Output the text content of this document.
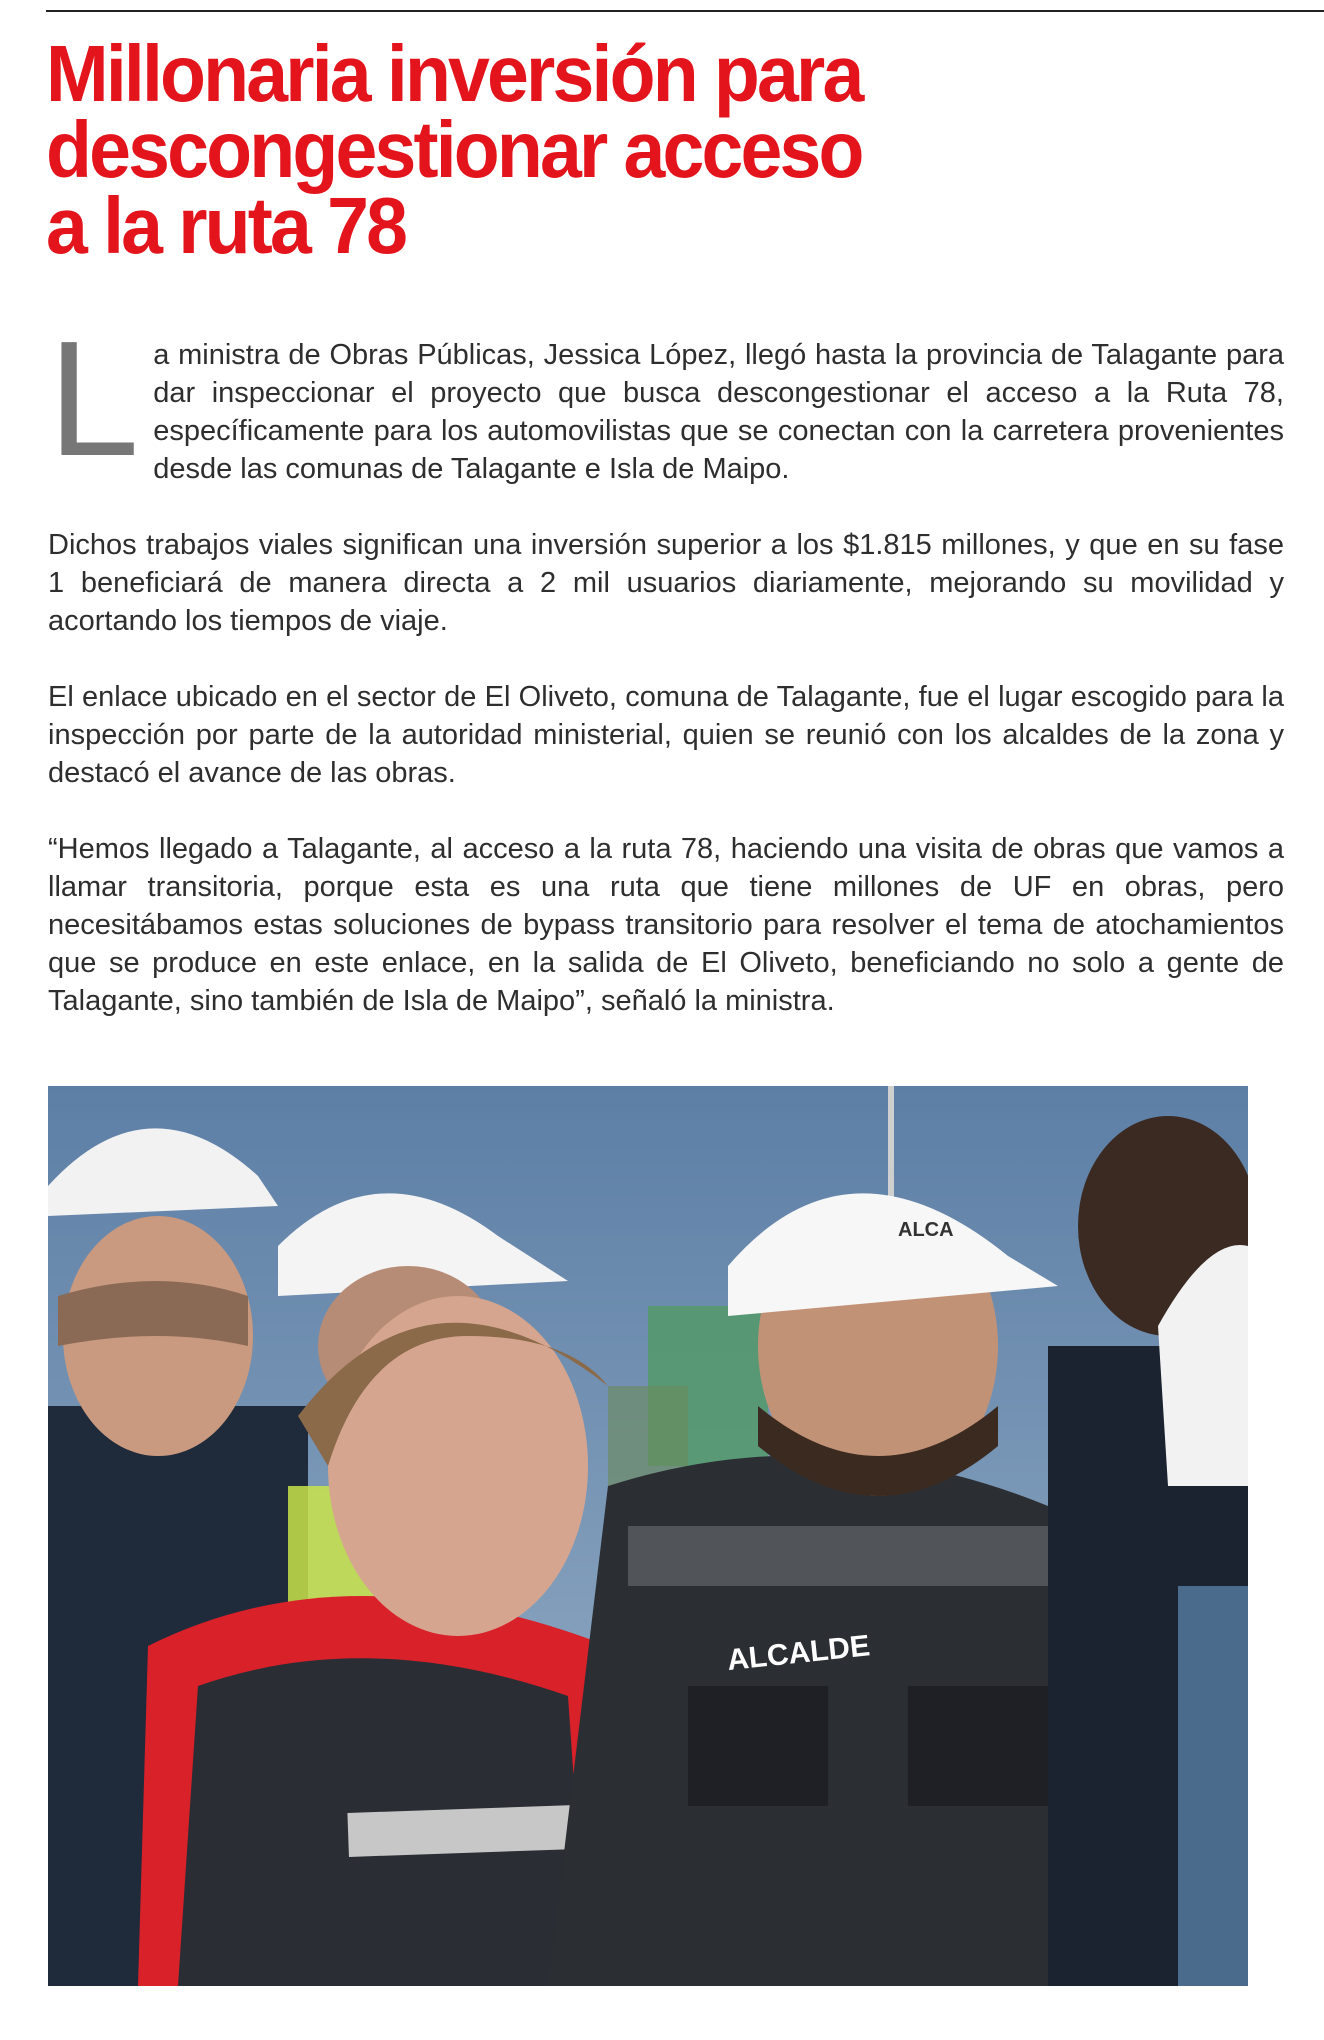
Millonaria inversión para
descongestionar acceso
a la ruta 78

La ministra de Obras Públicas, Jessica López, llegó hasta la provincia de Talagante para dar inspeccionar el proyecto que busca descongestionar el acceso a la Ruta 78, específicamente para los automovilistas que se conectan con la carretera provenientes desde las comunas de Talagante e Isla de Maipo.

Dichos trabajos viales significan una inversión superior a los $1.815 millones, y que en su fase 1 beneficiará de manera directa a 2 mil usuarios diariamente, mejorando su movilidad y acortando los tiempos de viaje.

El enlace ubicado en el sector de El Oliveto, comuna de Talagante, fue el lugar escogido para la inspección por parte de la autoridad ministerial, quien se reunió con los alcaldes de la zona y destacó el avance de las obras.

“Hemos llegado a Talagante, al acceso a la ruta 78, haciendo una visita de obras que vamos a llamar transitoria, porque esta es una ruta que tiene millones de UF en obras, pero necesitábamos estas soluciones de bypass transitorio para resolver el tema de atochamientos que se produce en este enlace, en la salida de El Oliveto, beneficiando no solo a gente de Talagante, sino también de Isla de Maipo”, señaló la ministra.

ALCA
ALCALDE
